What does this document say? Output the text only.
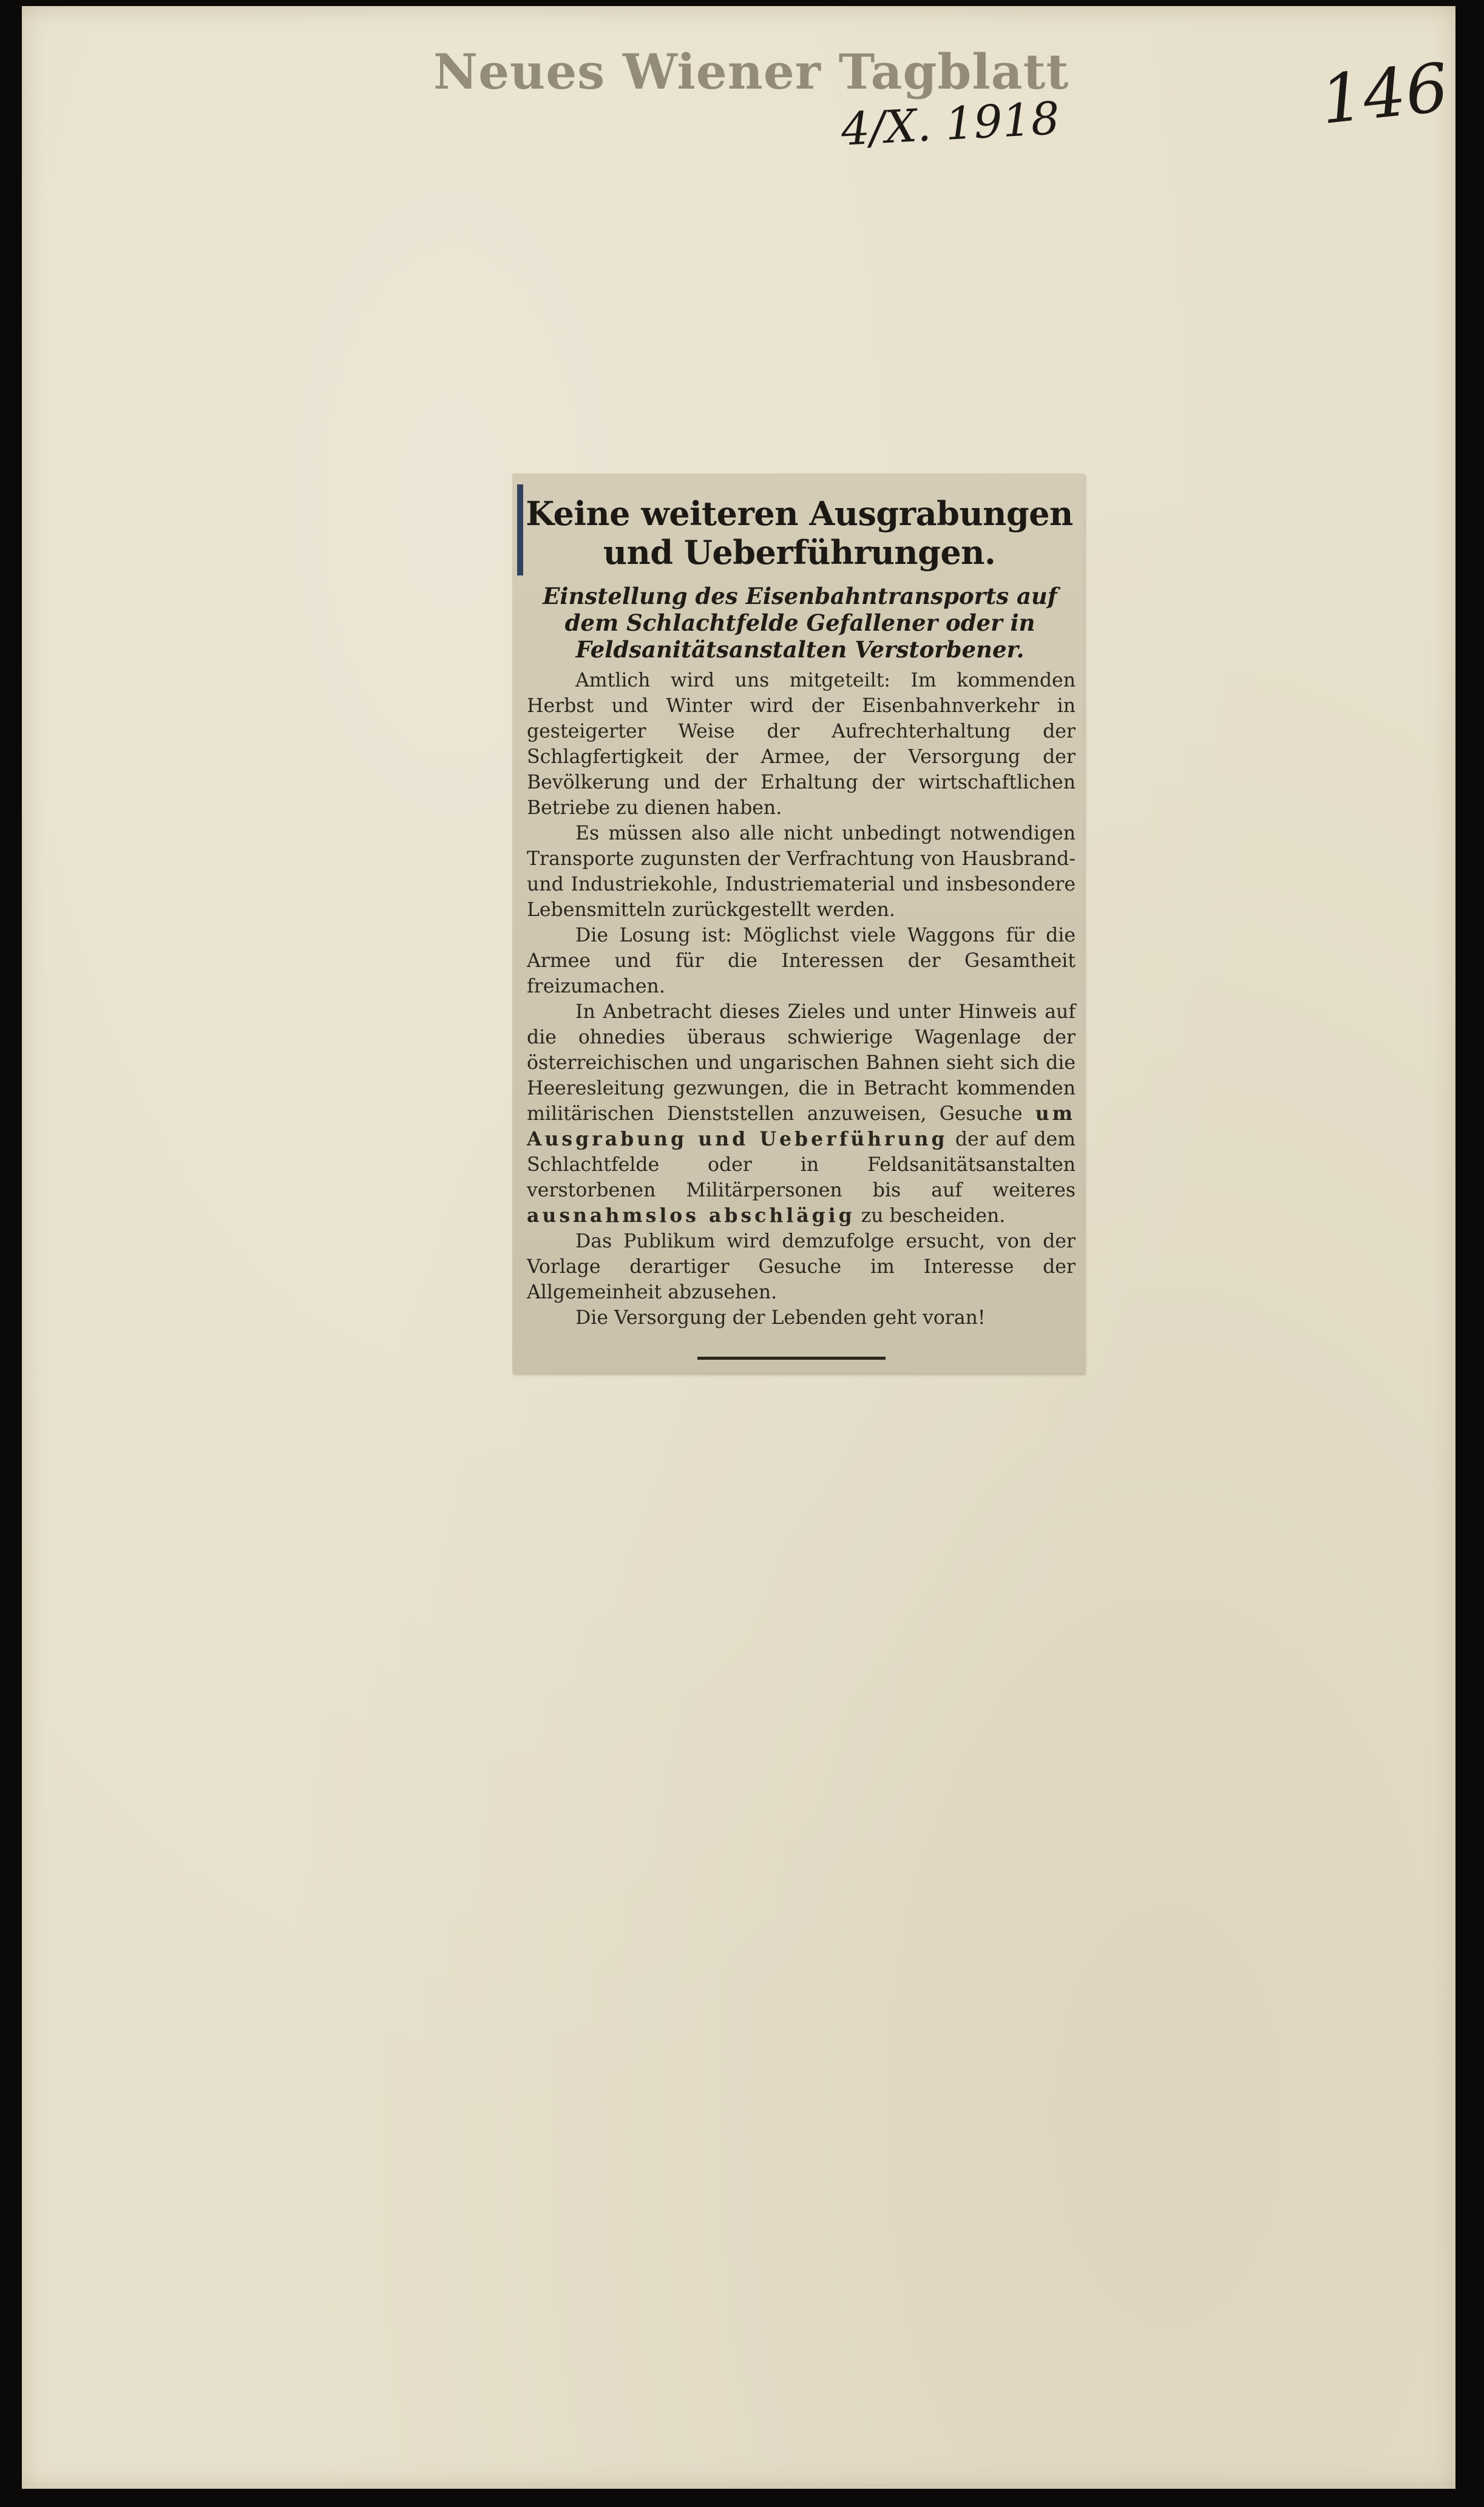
Neues Wiener Tagblatt
4/X. 1918	146
Keine weiteren Ausgrabungen und Ueberführungen.
Einstellung des Eisenbahntransports auf dem Schlachtfelde Gefallener oder in Feldsanitätsanstalten Verstorbener.

Amtlich wird uns mitgeteilt: Im kommenden Herbst und Winter wird der Eisenbahnverkehr in gesteigerter Weise der Aufrechterhaltung der Schlagfertigkeit der Armee, der Versorgung der Bevölkerung und der Erhaltung der wirtschaftlichen Betriebe zu dienen haben.

Es müssen also alle nicht unbedingt notwendigen Transporte zugunsten der Verfrachtung von Hausbrand- und Industriekohle, Industriematerial und insbesondere Lebensmitteln zurückgestellt werden.

Die Losung ist: Möglichst viele Waggons für die Armee und für die Interessen der Gesamtheit freizumachen.

In Anbetracht dieses Zieles und unter Hinweis auf die ohnedies überaus schwierige Wagenlage der österreichischen und ungarischen Bahnen sieht sich die Heeresleitung gezwungen, die in Betracht kommenden militärischen Dienststellen anzuweisen, Gesuche um Ausgrabung und Ueberführung der auf dem Schlachtfelde oder in Feldsanitätsanstalten verstorbenen Militärpersonen bis auf weiteres ausnahmslos abschlägig zu bescheiden.

Das Publikum wird demzufolge ersucht, von der Vorlage derartiger Gesuche im Interesse der Allgemeinheit abzusehen.

Die Versorgung der Lebenden geht voran!
